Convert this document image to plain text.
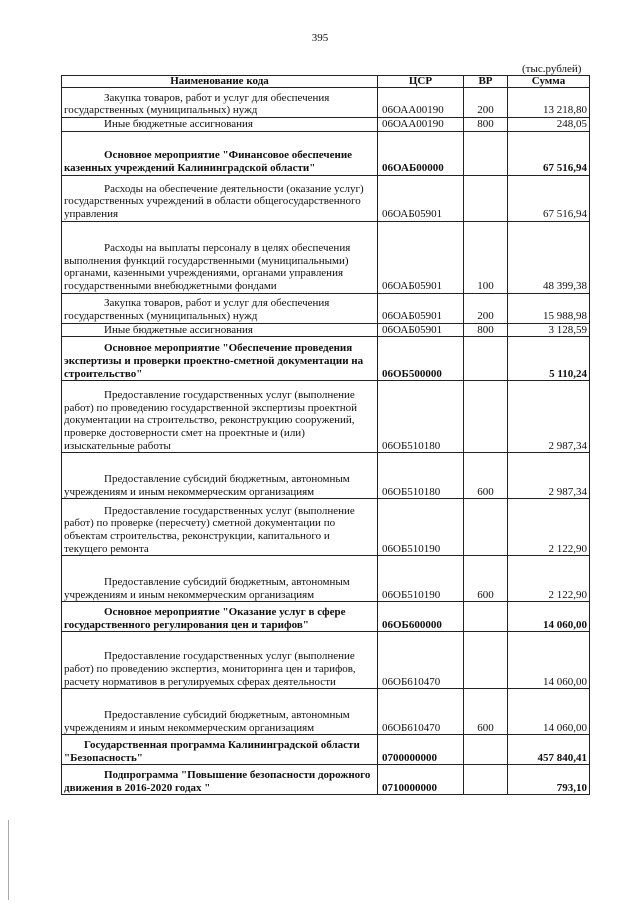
395
(тыс.рублей)
Наименование кода	ЦСР	ВР	Сумма

Закупка товаров, работ и услуг для обеспечения государственных (муниципальных) нужд	06ОАА00190	200	13 218,80

Иные бюджетные ассигнования	06ОАА00190	800	248,05

Основное мероприятие "Финансовое обеспечение казенных учреждений Калининградской области"	06ОАБ00000		67 516,94

Расходы на обеспечение деятельности (оказание услуг) государственных учреждений в области общегосударственного управления	06ОАБ05901		67 516,94

Расходы на выплаты персоналу в целях обеспечения выполнения функций государственными (муниципальными) органами, казенными учреждениями, органами управления государственными внебюджетными фондами	06ОАБ05901	100	48 399,38

Закупка товаров, работ и услуг для обеспечения государственных (муниципальных) нужд	06ОАБ05901	200	15 988,98

Иные бюджетные ассигнования	06ОАБ05901	800	3 128,59

Основное мероприятие "Обеспечение проведения экспертизы и проверки проектно-сметной документации на строительство"	06ОБ500000		5 110,24

Предоставление государственных услуг (выполнение работ) по проведению государственной экспертизы проектной документации на строительство, реконструкцию сооружений, проверке достоверности смет на проектные и (или) изыскательные работы	06ОБ510180		2 987,34

Предоставление субсидий бюджетным, автономным учреждениям и иным некоммерческим организациям	06ОБ510180	600	2 987,34

Предоставление государственных услуг (выполнение работ) по проверке (пересчету) сметной документации по объектам строительства, реконструкции, капитального и текущего ремонта	06ОБ510190		2 122,90

Предоставление субсидий бюджетным, автономным учреждениям и иным некоммерческим организациям	06ОБ510190	600	2 122,90

Основное мероприятие "Оказание услуг в сфере государственного регулирования цен и тарифов"	06ОБ600000		14 060,00

Предоставление государственных услуг (выполнение работ) по проведению экспертиз, мониторинга цен и тарифов, расчету нормативов в регулируемых сферах деятельности	06ОБ610470		14 060,00

Предоставление субсидий бюджетным, автономным учреждениям и иным некоммерческим организациям	06ОБ610470	600	14 060,00

Государственная программа Калининградской области "Безопасность"	0700000000		457 840,41

Подпрограмма "Повышение безопасности дорожного движения в 2016-2020 годах "	0710000000		793,10
